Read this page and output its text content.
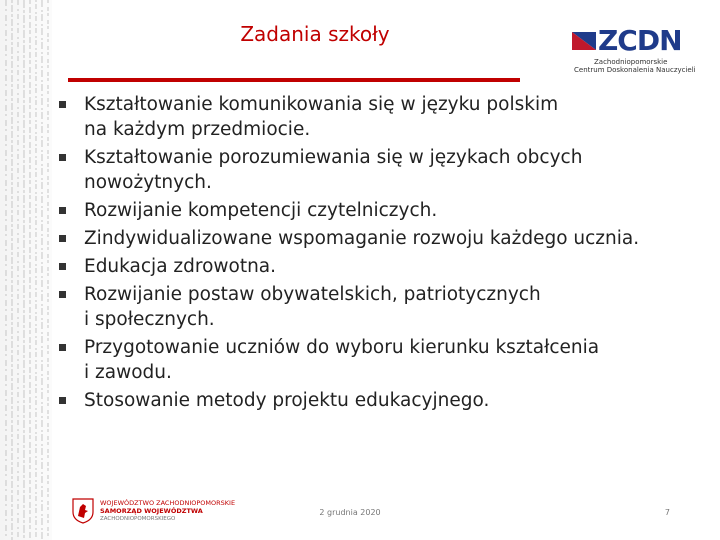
Zadania szkoły	ZCDN
Zachodniopomorskie
Centrum Doskonalenia Nauczycieli
Kształtowanie komunikowania się w języku polskim
na każdym przedmiocie.
Kształtowanie porozumiewania się w językach obcych
nowożytnych.
Rozwijanie kompetencji czytelniczych.
Zindywidualizowane wspomaganie rozwoju każdego ucznia.
Edukacja zdrowotna.
Rozwijanie postaw obywatelskich, patriotycznych
i społecznych.
Przygotowanie uczniów do wyboru kierunku kształcenia
i zawodu.
Stosowanie metody projektu edukacyjnego.
WOJEWÓDZTWO ZACHODNIOPOMORSKIE
SAMORZĄD WOJEWÓDZTWA
ZACHODNIOPOMORSKIEGO
2 grudnia 2020	7
